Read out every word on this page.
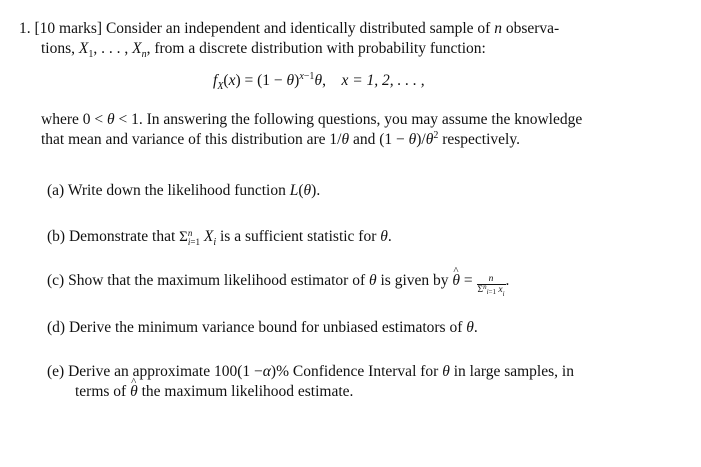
1. [10 marks] Consider an independent and identically distributed sample of n observa-
tions, $X_1$, . . . , $X_n$, from a discrete distribution with probability function:
$f_X(x) = (1 - \theta)^{x-1}\theta$,    x = 1, 2, . . . ,
where 0 < θ < 1. In answering the following questions, you may assume the knowledge
that mean and variance of this distribution are 1/θ and $(1 - \theta)/\theta^2$ respectively.
(a) Write down the likelihood function L(θ).
(b) Demonstrate that Σ n
i=1 $X_i$ is a sufficient statistic for θ.
(c) Show that the maximum likelihood estimator of θ is given by ^ $\theta = \frac{n}{\Sigma^n_{i=1} x_i}$ .
(d) Derive the minimum variance bound for unbiased estimators of θ.
(e) Derive an approximate 100(1 −α)% Confidence Interval for θ in large samples, in
terms of ^ θ the maximum likelihood estimate.
